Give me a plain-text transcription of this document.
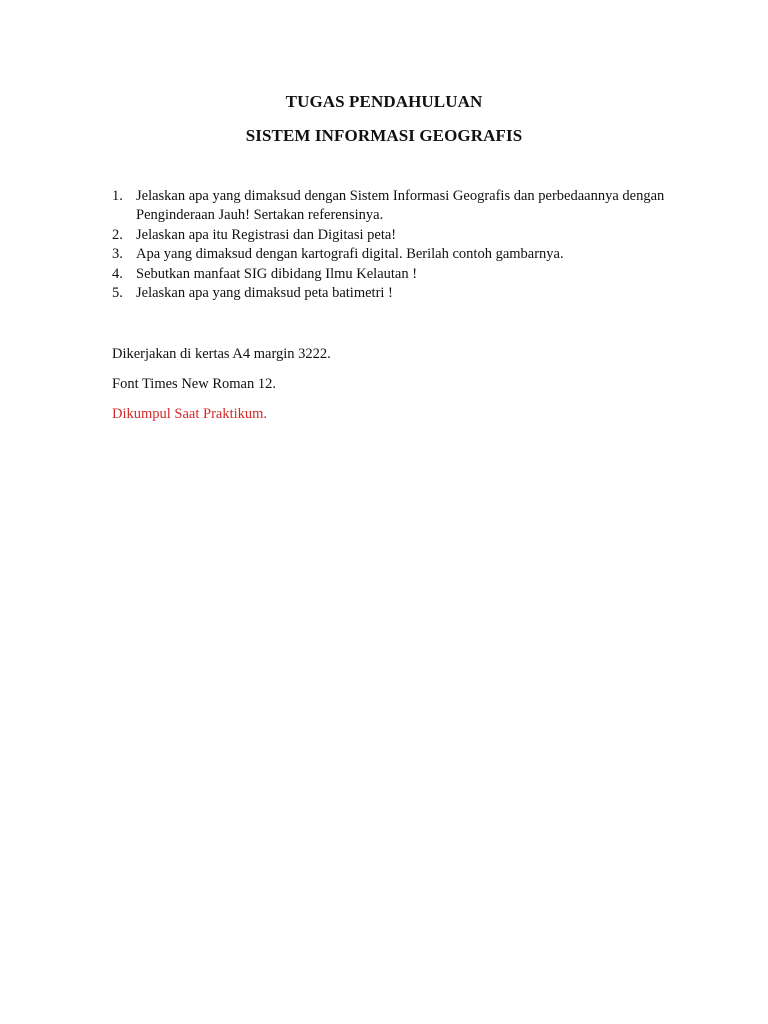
TUGAS PENDAHULUAN
SISTEM INFORMASI GEOGRAFIS
1. Jelaskan apa yang dimaksud dengan Sistem Informasi Geografis dan perbedaannya dengan Penginderaan Jauh! Sertakan referensinya.
2. Jelaskan apa itu Registrasi dan Digitasi peta!
3. Apa yang dimaksud dengan kartografi digital. Berilah contoh gambarnya.
4. Sebutkan manfaat SIG dibidang Ilmu Kelautan !
5. Jelaskan apa yang dimaksud peta batimetri !
Dikerjakan di kertas A4 margin 3222.
Font Times New Roman 12.
Dikumpul Saat Praktikum.
